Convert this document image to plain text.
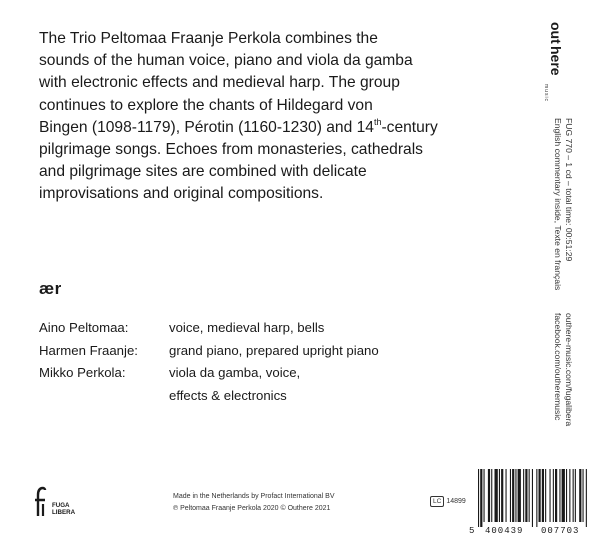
The Trio Peltomaa Fraanje Perkola combines the
sounds of the human voice, piano and viola da gamba
with electronic effects and medieval harp. The group
continues to explore the chants of Hildegard von
Bingen (1098-1179), Pérotin (1160-1230) and 14th-century
pilgrimage songs. Echoes from monasteries, cathedrals
and pilgrimage sites are combined with delicate
improvisations and original compositions.
ær
Aino Peltomaa:	voice, medieval harp, bells
Harmen Fraanje:	grand piano, prepared upright piano
Mikko Perkola:	viola da gamba, voice,
effects & electronics
out
here
music
FUG 770 – 1 cd – total time: 00:51:29
English commentary inside, Texte en français
outhere-music.com/fugalibera
facebook.com/outheremusic
FUGA
LIBERA
Made in the Netherlands by Profact International BV
℗ Peltomaa Fraanje Perkola 2020 © Outhere 2021
LC 14899
5 400439 007703
